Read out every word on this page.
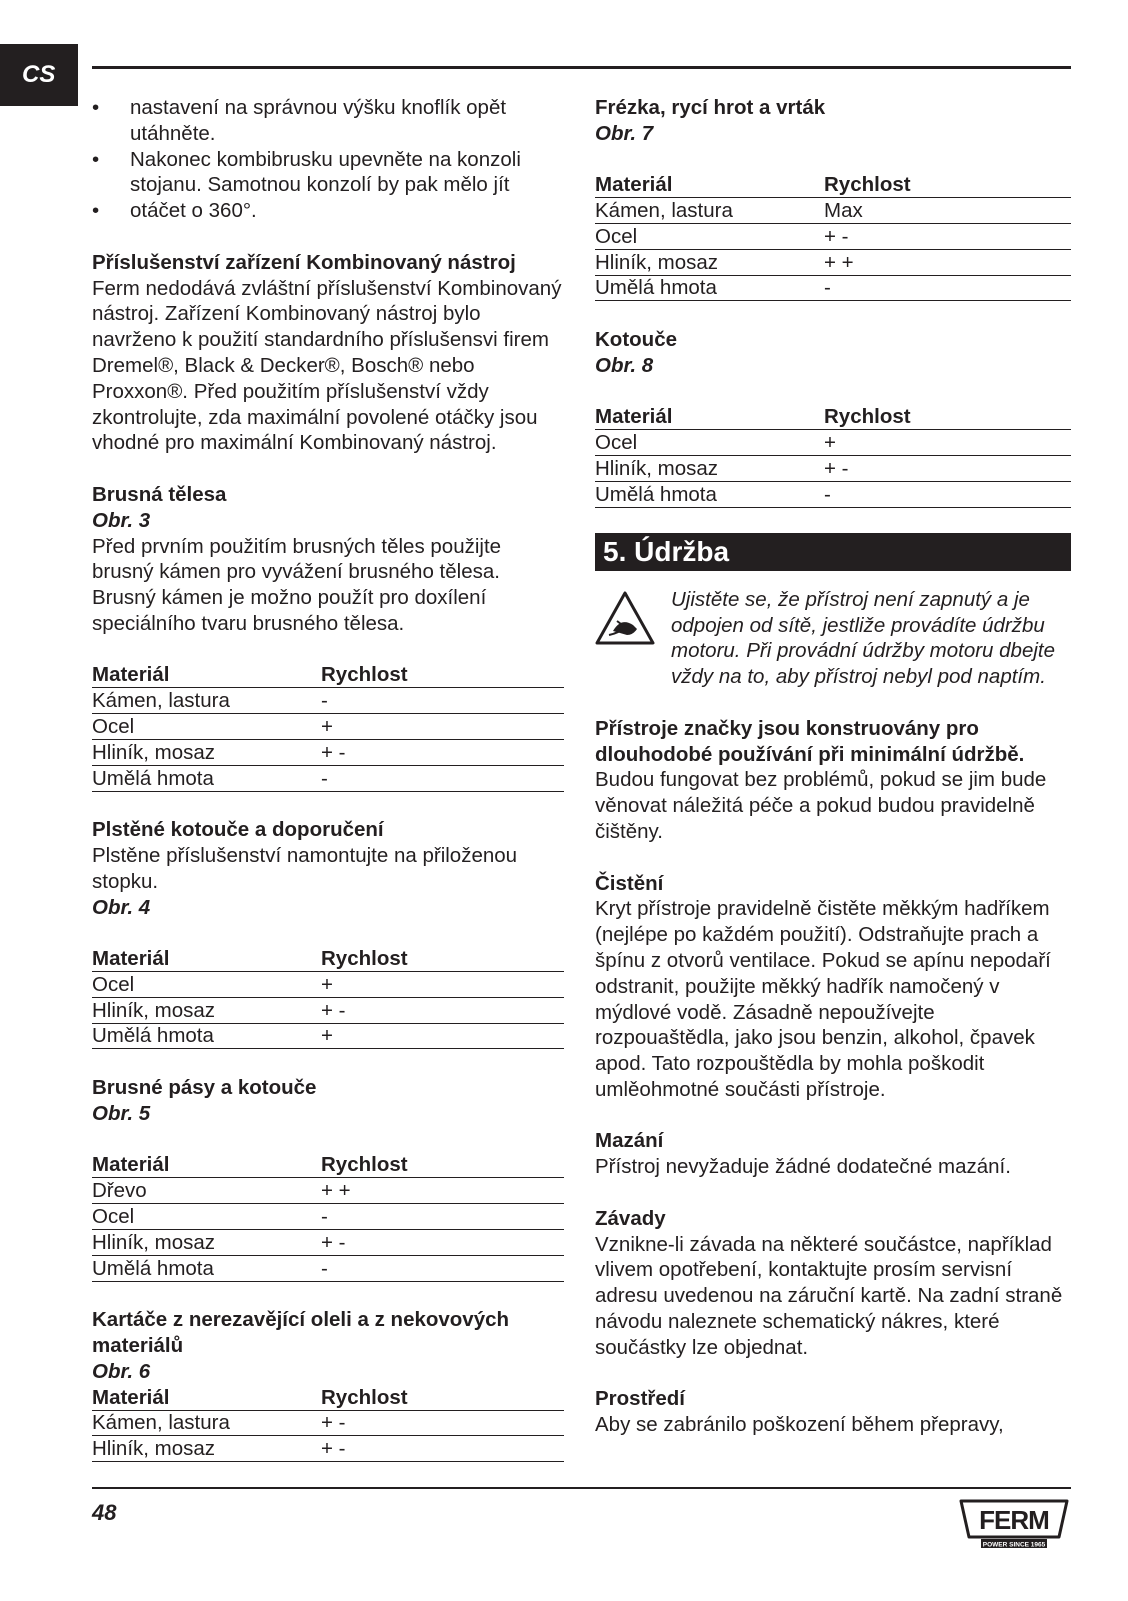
CS
• nastavení na správnou výšku knoflík opět utáhněte.
• Nakonec kombibrusku upevněte na konzoli stojanu. Samotnou konzolí by pak mělo jít
• otáčet o 360°.
Příslušenství zařízení Kombinovaný nástroj

Ferm nedodává zvláštní příslušenství Kombinovaný nástroj. Zařízení Kombinovaný nástroj bylo navrženo k použití standardního příslušensvi firem Dremel®, Black & Decker®, Bosch® nebo Proxxon®. Před použitím příslušenství vždy zkontrolujte, zda maximální povolené otáčky jsou vhodné pro maximální Kombinovaný nástroj.

Brusná tělesa
Obr. 3

Před prvním použitím brusných těles použijte brusný kámen pro vyvážení brusného tělesa. Brusný kámen je možno použít pro doxílení speciálního tvaru brusného tělesa.

Materiál	Rychlost
Kámen, lastura	-
Ocel	+
Hliník, mosaz	+ -
Umělá hmota	-
Plstěné kotouče a doporučení

Plstěne příslušenství namontujte na přiloženou stopku.

Obr. 4
Materiál	Rychlost
Ocel	+
Hliník, mosaz	+ -
Umělá hmota	+
Brusné pásy a kotouče
Obr. 5
Materiál	Rychlost
Dřevo	+ +
Ocel	-
Hliník, mosaz	+ -
Umělá hmota	-
Kartáče z nerezavějící oleli a z nekovových materiálů
Obr. 6
Materiál	Rychlost
Kámen, lastura	+ -
Hliník, mosaz	+ -
Frézka, rycí hrot a vrták
Obr. 7
Materiál	Rychlost
Kámen, lastura	Max
Ocel	+ -
Hliník, mosaz	+ +
Umělá hmota	-
Kotouče
Obr. 8
Materiál	Rychlost
Ocel	+
Hliník, mosaz	+ -
Umělá hmota	-
5. Údržba
Ujistěte se, že přístroj není zapnutý a je odpojen od sítě, jestliže provádíte údržbu motoru. Při provádní údržby motoru dbejte vždy na to, aby přístroj nebyl pod naptím.
Přístroje značky jsou konstruovány pro dlouhodobé používání při minimální údržbě.

Budou fungovat bez problémů, pokud se jim bude věnovat náležitá péče a pokud budou pravidelně čištěny.

Čistění

Kryt přístroje pravidelně čistěte měkkým hadříkem (nejlépe po každém použití). Odstraňujte prach a špínu z otvorů ventilace. Pokud se apínu nepodaří odstranit, použijte měkký hadřík namočený v mýdlové vodě. Zásadně nepoužívejte rozpouaštědla, jako jsou benzin, alkohol, čpavek apod. Tato rozpouštědla by mohla poškodit umlěohmotné součásti přístroje.

Mazání

Přístroj nevyžaduje žádné dodatečné mazání.

Závady

Vznikne-li závada na některé součástce, například vlivem opotřebení, kontaktujte prosím servisní adresu uvedenou na záruční kartě. Na zadní straně návodu naleznete schematický nákres, které součástky lze objednat.

Prostředí

Aby se zabránilo poškození během přepravy,

48	FERM
POWER SINCE 1965
